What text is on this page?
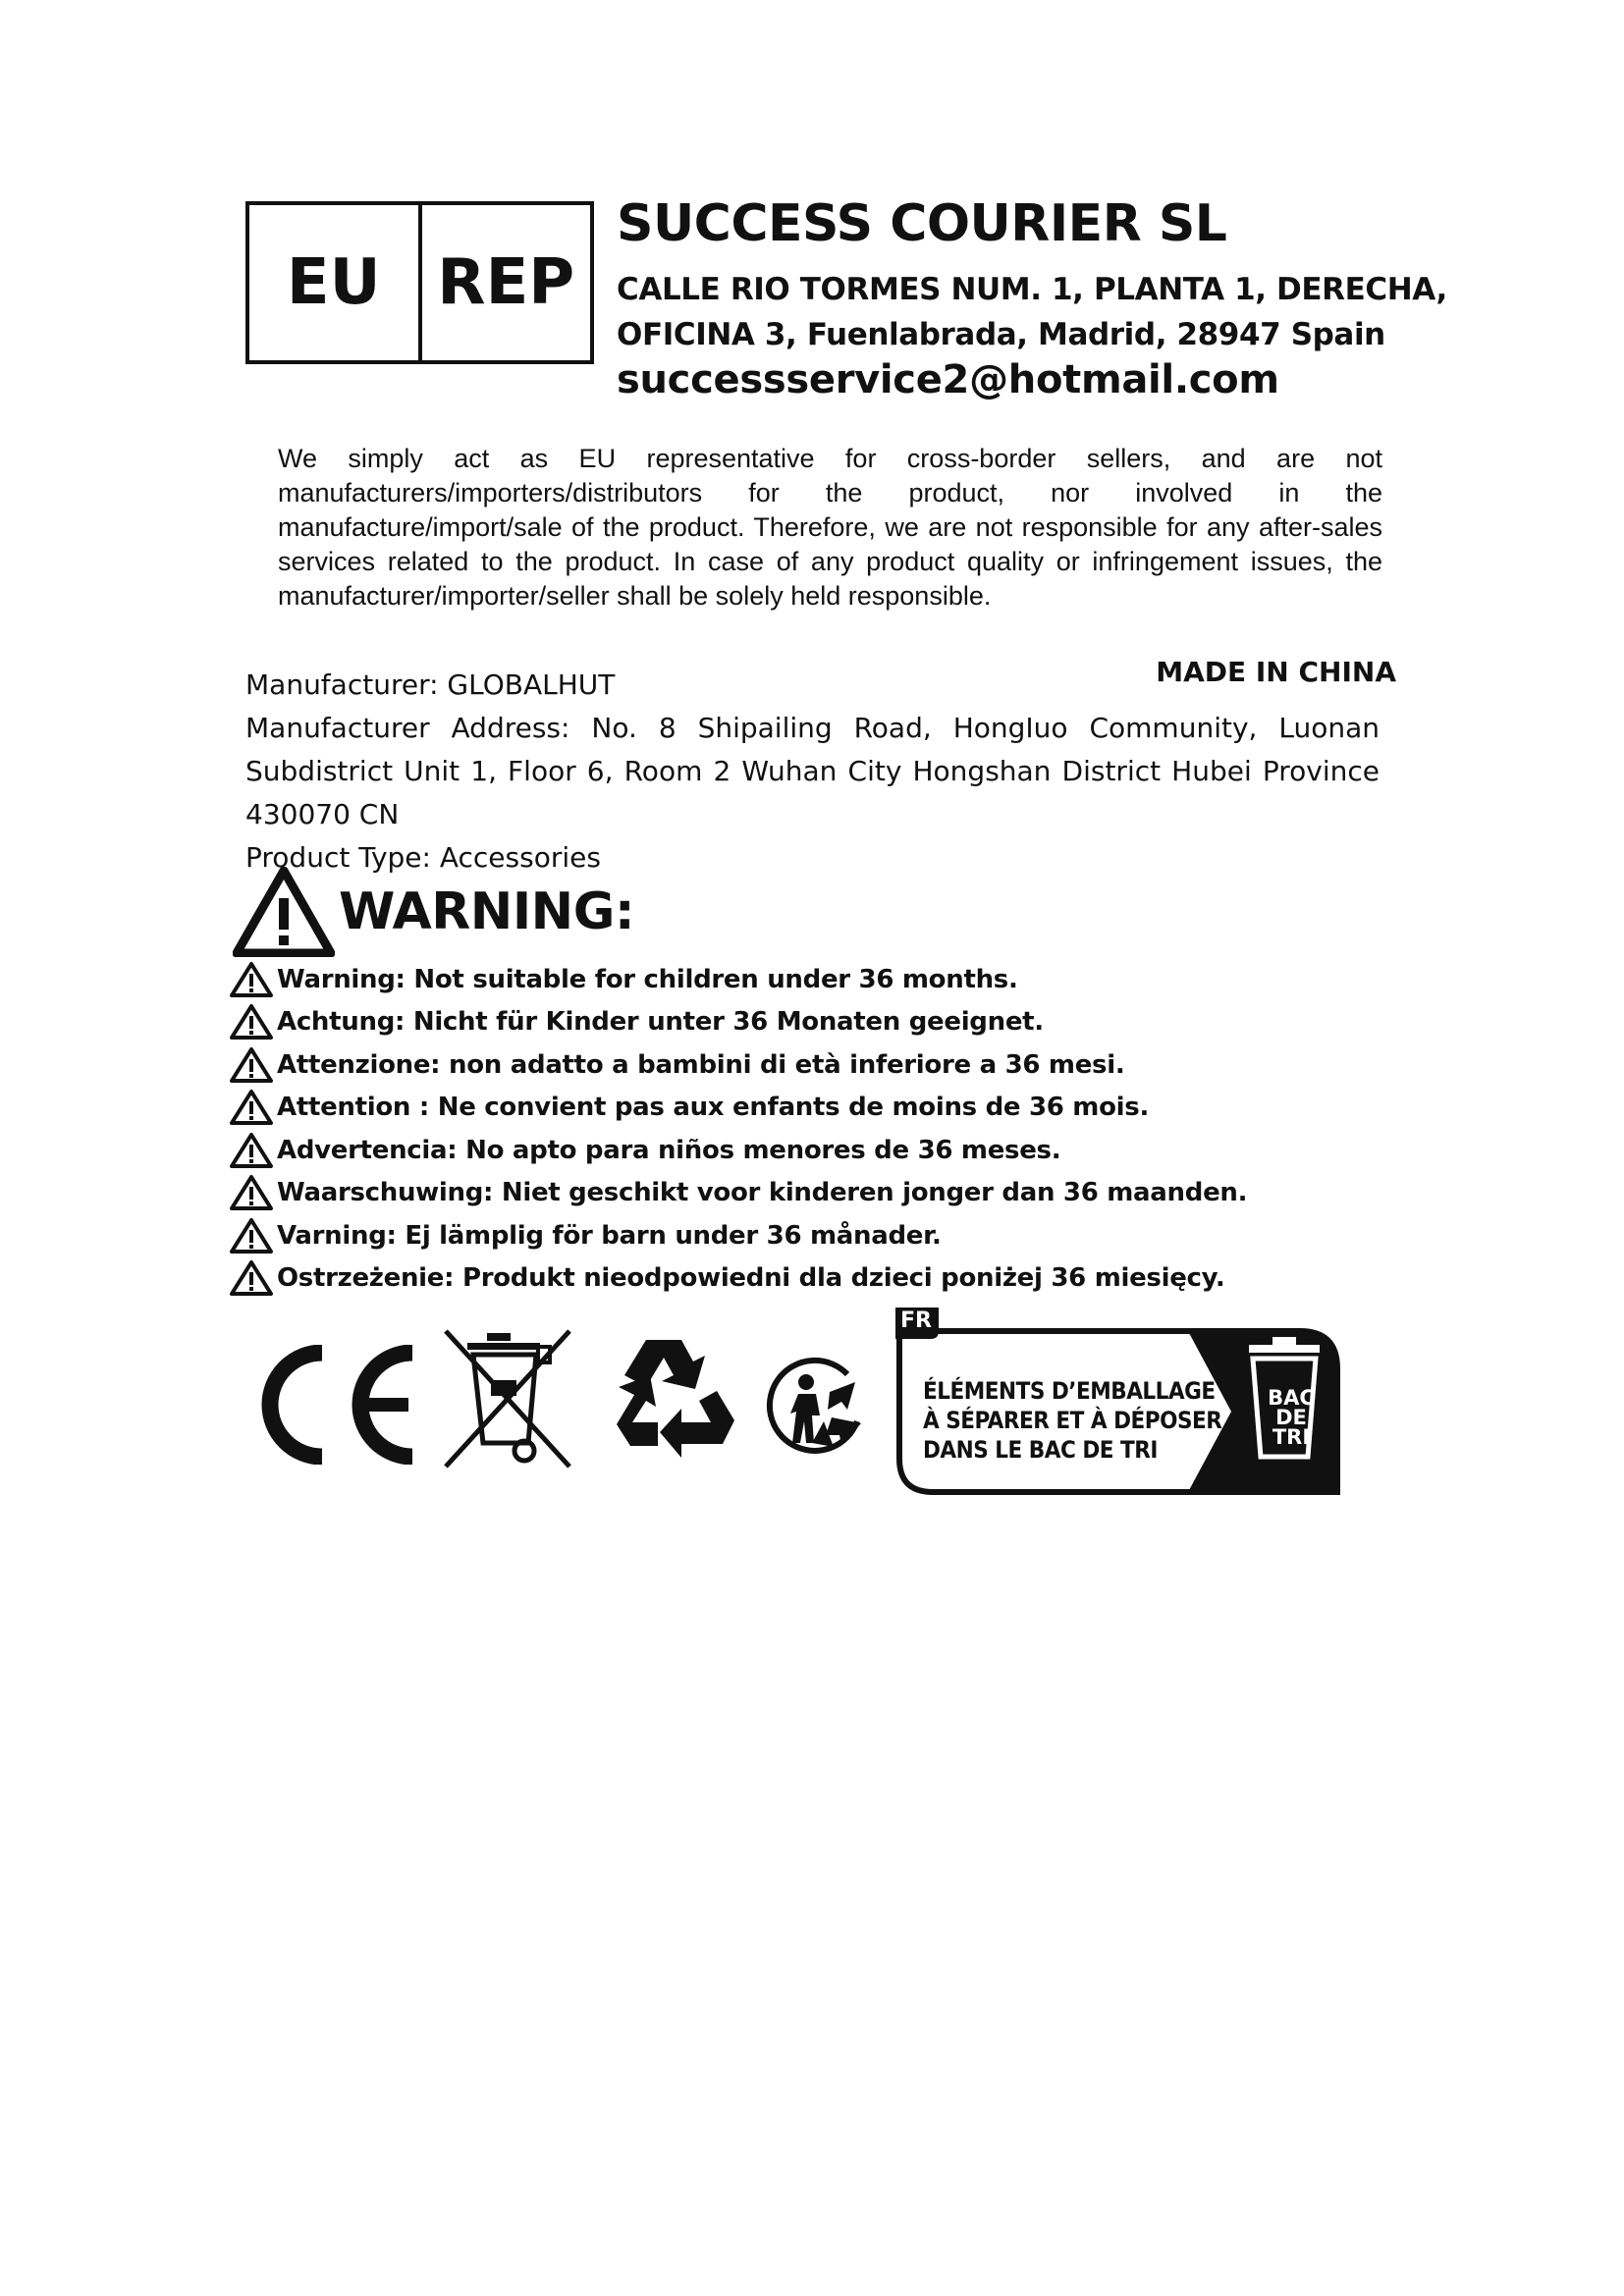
EU REP
SUCCESS COURIER SL
CALLE RIO TORMES NUM. 1, PLANTA 1, DERECHA,
OFICINA 3, Fuenlabrada, Madrid, 28947 Spain
successservice2@hotmail.com
We simply act as EU representative for cross-border sellers, and are not manufacturers/importers/distributors for the product, nor involved in the manufacture/import/sale of the product. Therefore, we are not responsible for any after-sales services related to the product. In case of any product quality or infringement issues, the manufacturer/importer/seller shall be solely held responsible.
MADE IN CHINA
Manufacturer: GLOBALHUT
Manufacturer Address: No. 8 Shipailing Road, HongIuo Community, Luonan
Subdistrict Unit 1, Floor 6, Room 2 Wuhan City Hongshan District Hubei Province
430070 CN
Product Type: Accessories
WARNING:
Warning: Not suitable for children under 36 months.
Achtung: Nicht für Kinder unter 36 Monaten geeignet.
Attenzione: non adatto a bambini di età inferiore a 36 mesi.
Attention : Ne convient pas aux enfants de moins de 36 mois.
Advertencia: No apto para niños menores de 36 meses.
Waarschuwing: Niet geschikt voor kinderen jonger dan 36 maanden.
Varning: Ej lämplig för barn under 36 månader.
Ostrzeżenie: Produkt nieodpowiedni dla dzieci poniżej 36 miesięcy.
FR
ÉLÉMENTS D’EMBALLAGE
À SÉPARER ET À DÉPOSER
DANS LE BAC DE TRI
BAC
DE
TRI
